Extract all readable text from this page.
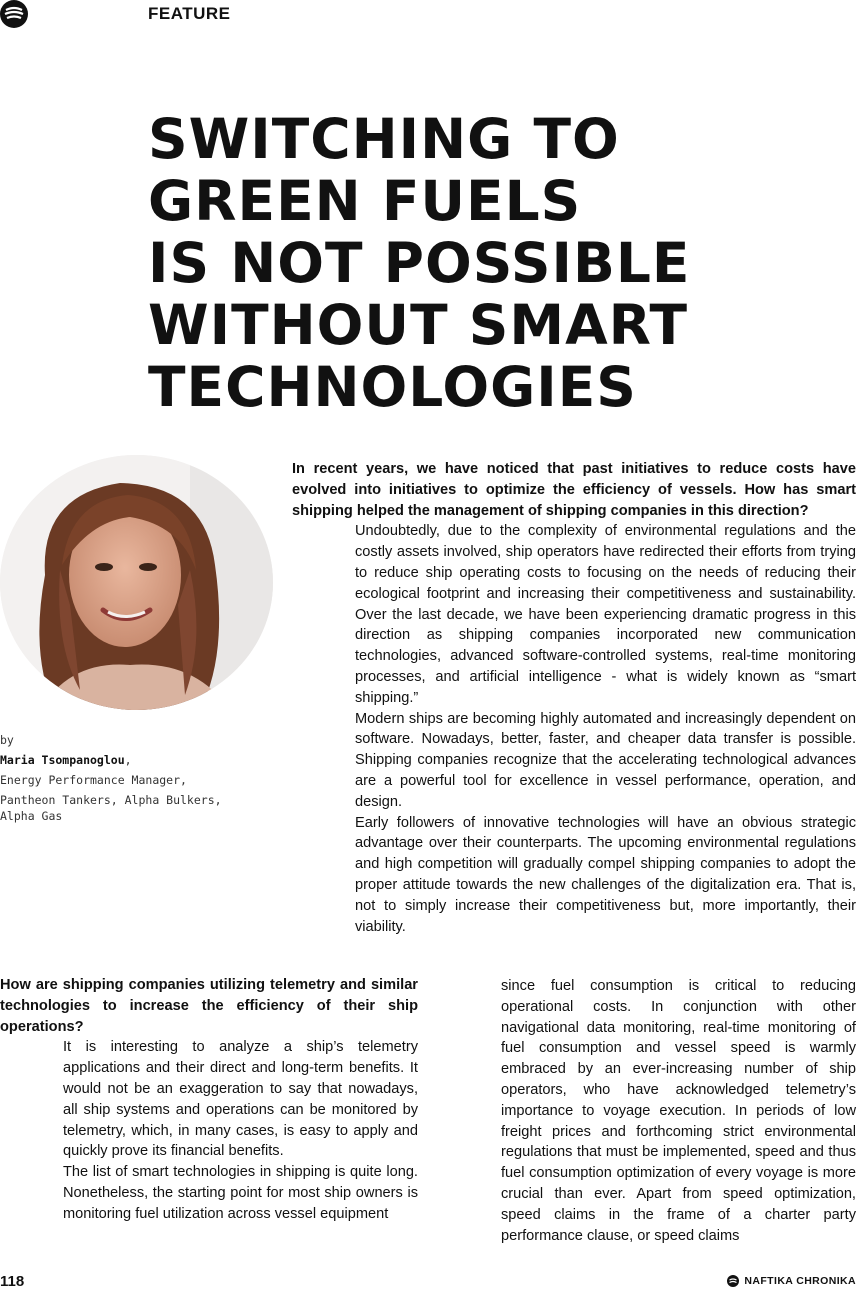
FEATURE
SWITCHING TO
GREEN FUELS
IS NOT POSSIBLE
WITHOUT SMART
TECHNOLOGIES
by
Maria Tsompanoglou,
Energy Performance Manager,
Pantheon Tankers, Alpha Bulkers, Alpha Gas

In recent years, we have noticed that past initiatives to reduce costs have evolved into initiatives to optimize the efficiency of vessels. How has smart shipping helped the management of shipping companies in this direction?

Undoubtedly, due to the complexity of environmental regulations and the costly assets involved, ship operators have redirected their efforts from trying to reduce ship operating costs to focusing on the needs of reducing their ecological footprint and increasing their competitiveness and sustainability. Over the last decade, we have been experiencing dramatic progress in this direction as shipping companies incorporated new communication technologies, advanced software-controlled systems, real-time monitoring processes, and artificial intelligence - what is widely known as “smart shipping.”

Modern ships are becoming highly automated and increasingly dependent on software. Nowadays, better, faster, and cheaper data transfer is possible. Shipping companies recognize that the accelerating technological advances are a powerful tool for excellence in vessel performance, operation, and design.

Early followers of innovative technologies will have an obvious strategic advantage over their counterparts. The upcoming environmental regulations and high competition will gradually compel shipping companies to adopt the proper attitude towards the new challenges of the digitalization era. That is, not to simply increase their competitiveness but, more importantly, their viability.

How are shipping companies utilizing telemetry and similar technologies to increase the efficiency of their ship operations?

It is interesting to analyze a ship’s telemetry applications and their direct and long-term benefits. It would not be an exaggeration to say that nowadays, all ship systems and operations can be monitored by telemetry, which, in many cases, is easy to apply and quickly prove its financial benefits.

The list of smart technologies in shipping is quite long. Nonetheless, the starting point for most ship owners is monitoring fuel utilization across vessel equipment

since fuel consumption is critical to reducing operational costs. In conjunction with other navigational data monitoring, real-time monitoring of fuel consumption and vessel speed is warmly embraced by an ever-increasing number of ship operators, who have acknowledged telemetry’s importance to voyage execution. In periods of low freight prices and forthcoming strict environmental regulations that must be implemented, speed and thus fuel consumption optimization of every voyage is more crucial than ever. Apart from speed optimization, speed claims in the frame of a charter party performance clause, or speed claims

118	NAFTIKA CHRONIKA
